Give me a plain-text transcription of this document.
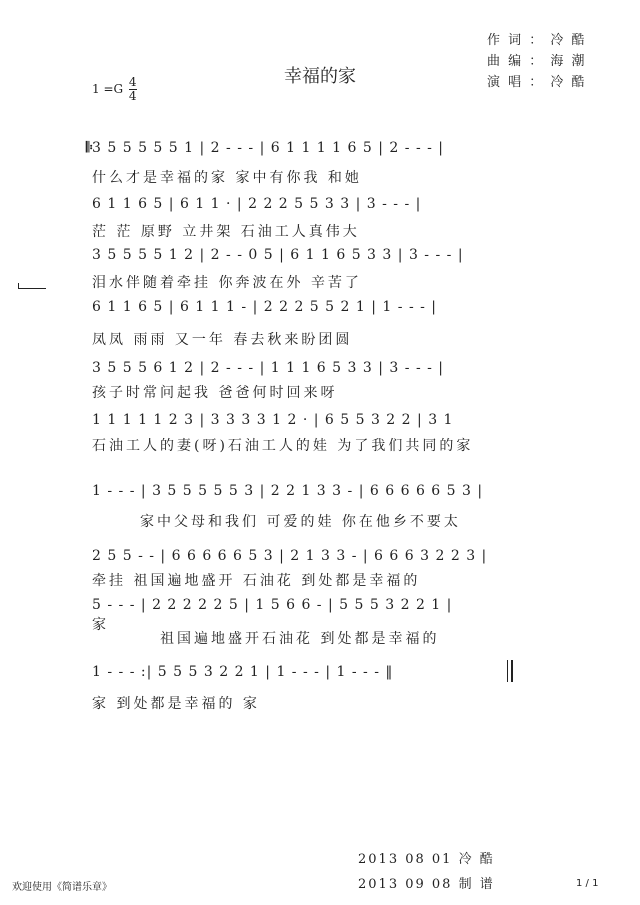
幸福的家
作 词 ： 冷 酷
曲 编 ： 海 潮
演 唱 ： 冷 酷
$1 =G \frac{4}{4}$
𝄆 3 5 5 5 5 5 1 | 2 - - - | 6 1 1 1 1 6 5 | 2 - - - |
什么才是幸福的家 家中有你我 和她
6 1 1 6 5 | 6 1 1 · | 2 2 2 5 5 3 3 | 3 - - - |
茫 茫 原野 立井架 石油工人真伟大
3 5 5 5 5 1 2 | 2 - - 0 5 | 6 1 1 6 5 3 3 | 3 - - - |
泪水伴随着牵挂 你奔波在外 辛苦了
6 1 1 6 5 | 6 1 1 1 - | 2 2 2 5 5 2 1 | 1 - - - |
凤凤 雨雨 又一年 春去秋来盼团圆
3 5 5 5 6 1 2 | 2 - - - | 1 1 1 6 5 3 3 | 3 - - - |
孩子时常问起我 爸爸何时回来呀
1 1 1 1 1 2 3 | 3 3 3 3 1 2 · | 6 5 5 3 2 2 | 3 1
石油工人的妻(呀)石油工人的娃 为了我们共同的家
1 - - - | 3 5 5 5 5 5 3 | 2 2 1 3 3 - | 6 6 6 6 6 5 3 |
家中父母和我们 可爱的娃 你在他乡不要太
2 5 5 - - | 6 6 6 6 6 5 3 | 2 1 3 3 - | 6 6 6 3 2 2 3 |
牵挂 祖国遍地盛开 石油花 到处都是幸福的
5 - - - | 2 2 2 2 2 5 | 1 5 6 6 - | 5 5 5 3 2 2 1 |
家
祖国遍地盛开石油花 到处都是幸福的
1 - - - :| 5 5 5 3 2 2 1 | 1 - - - | 1 - - - ‖
家 到处都是幸福的 家
2013 08 01 冷 酷
2013 09 08 制 谱
欢迎使用《简谱乐章》	1 / 1
